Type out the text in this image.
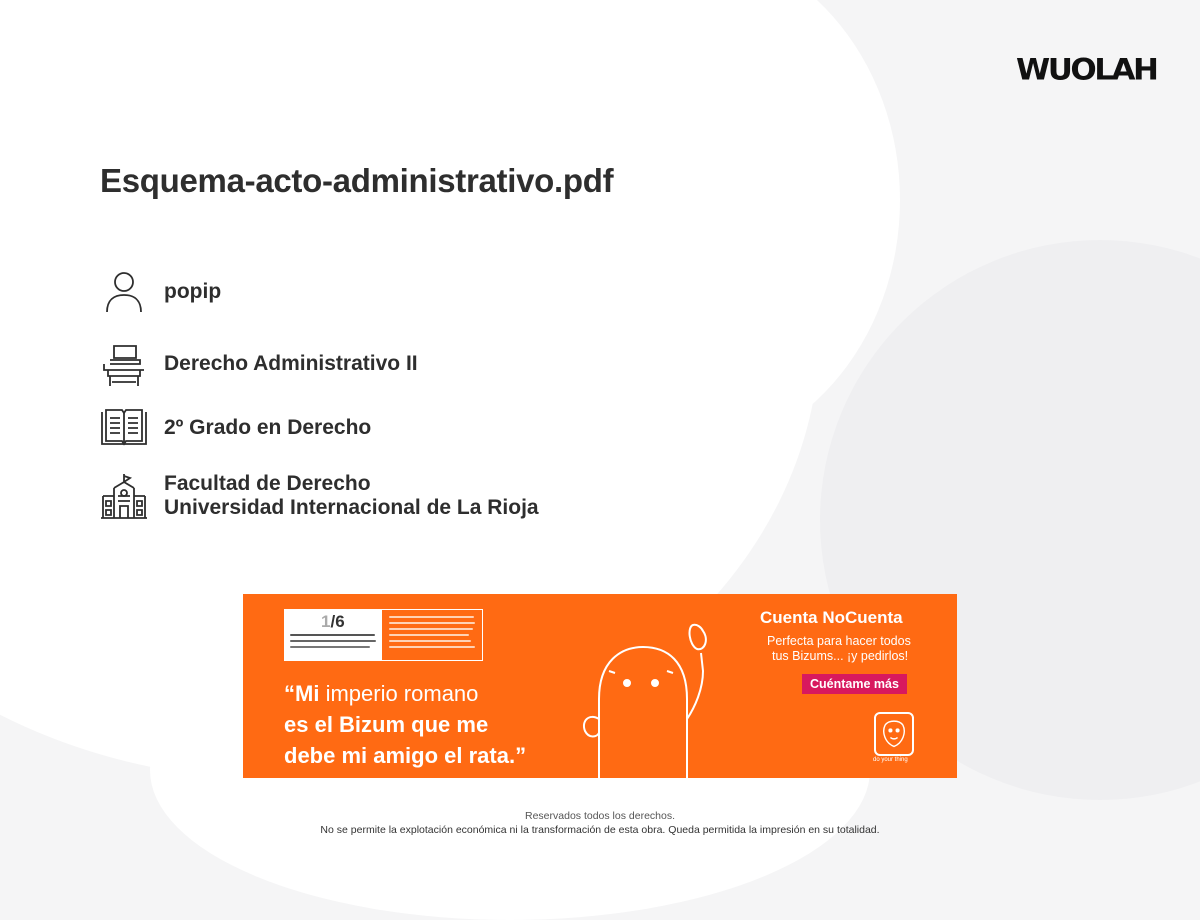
WUOLAH
Esquema-acto-administrativo.pdf
popip
Derecho Administrativo II
2º Grado en Derecho
Facultad de Derecho
Universidad Internacional de La Rioja
1/6
“Mi imperio romano
es el Bizum que me
debe mi amigo el rata.”
Cuenta NoCuenta
Perfecta para hacer todos
tus Bizums... ¡y pedirlos!
Cuéntame más
do your thing
Reservados todos los derechos.
No se permite la explotación económica ni la transformación de esta obra. Queda permitida la impresión en su totalidad.
